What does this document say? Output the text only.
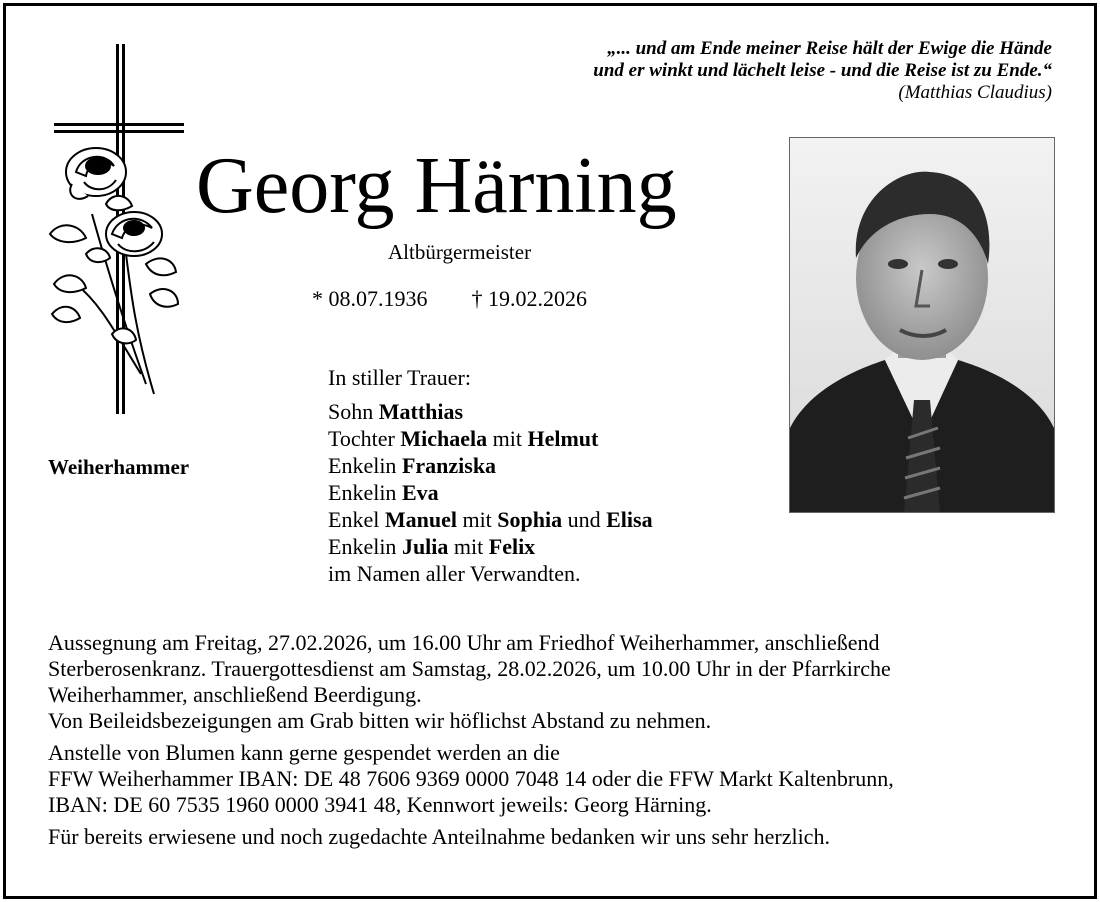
„... und am Ende meiner Reise hält der Ewige die Hände
und er winkt und lächelt leise - und die Reise ist zu Ende.“
(Matthias Claudius)
Georg Härning
Altbürgermeister
* 08.07.1936 † 19.02.2026
Weiherhammer
In stiller Trauer:
Sohn Matthias
Tochter Michaela mit Helmut
Enkelin Franziska
Enkelin Eva
Enkel Manuel mit Sophia und Elisa
Enkelin Julia mit Felix
im Namen aller Verwandten.

Aussegnung am Freitag, 27.02.2026, um 16.00 Uhr am Friedhof Weiherhammer, anschließend

Sterberosenkranz. Trauergottesdienst am Samstag, 28.02.2026, um 10.00 Uhr in der Pfarrkirche

Weiherhammer, anschließend Beerdigung.

Von Beileidsbezeigungen am Grab bitten wir höflichst Abstand zu nehmen.

Anstelle von Blumen kann gerne gespendet werden an die

FFW Weiherhammer IBAN: DE 48 7606 9369 0000 7048 14 oder die FFW Markt Kaltenbrunn,

IBAN: DE 60 7535 1960 0000 3941 48, Kennwort jeweils: Georg Härning.

Für bereits erwiesene und noch zugedachte Anteilnahme bedanken wir uns sehr herzlich.
